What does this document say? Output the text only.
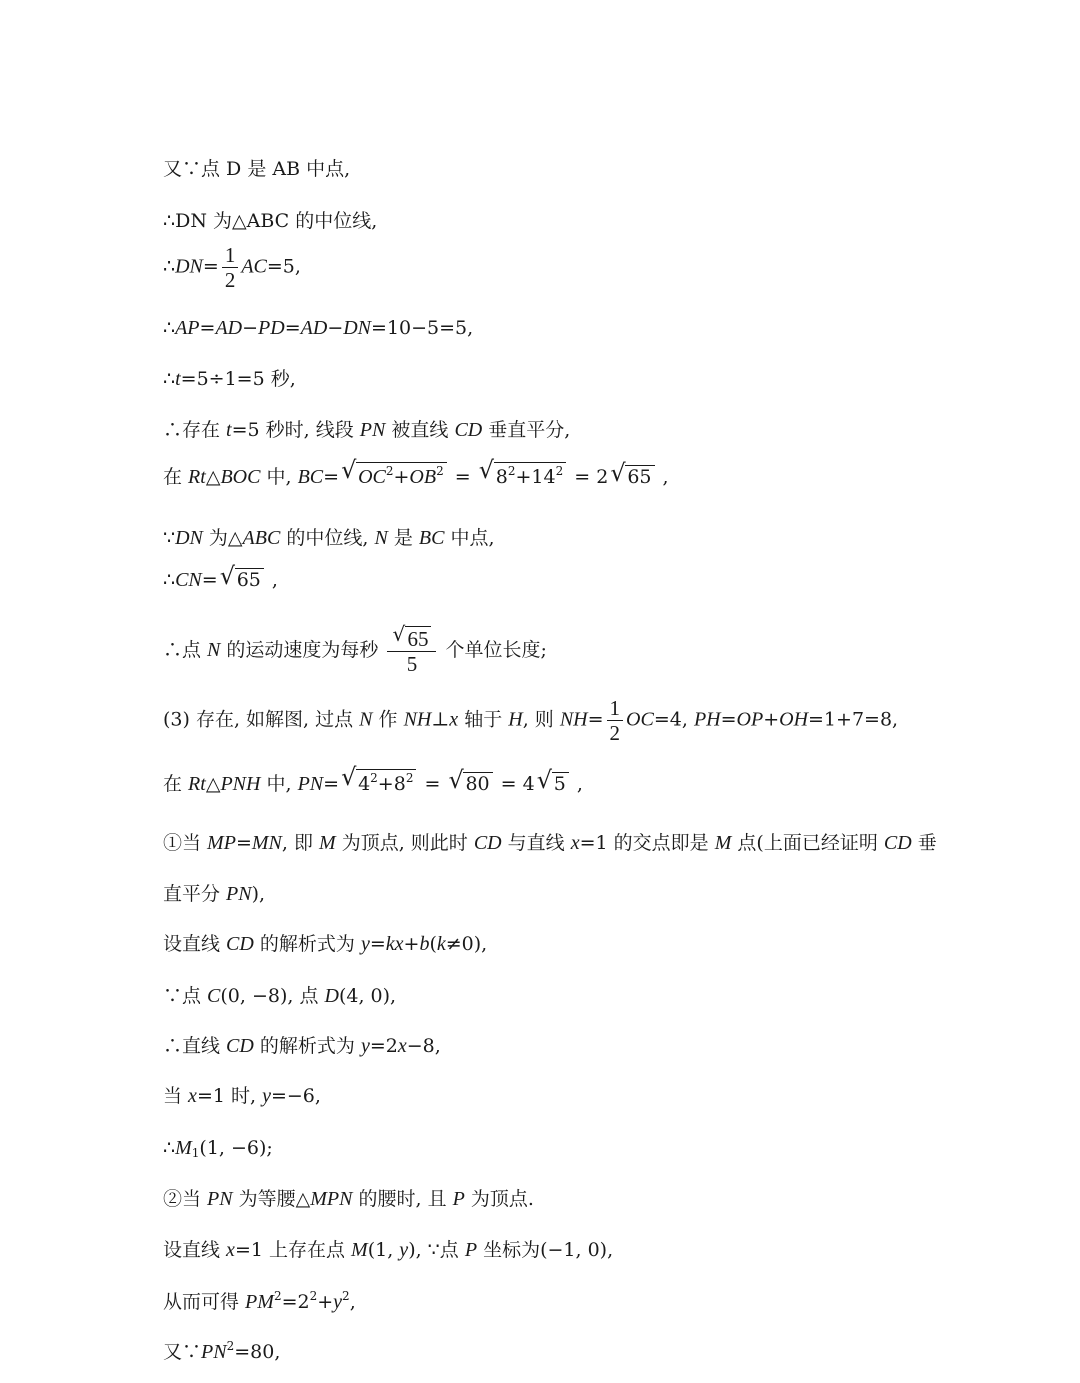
又∵点 D 是 AB 中点,
∴DN 为△ABC 的中位线,
∴DN= $\frac{1}{2} AC=5$,
∴AP=AD−PD=AD−DN=10−5=5,
∴t=5÷1=5 秒,
∴存在 t=5 秒时, 线段 PN 被直线 CD 垂直平分,
在 Rt△BOC 中, BC= √ $OC^2+OB^2$ = √ $8^2+14^2 = 2$ √ 65 ,
∵DN 为△ABC 的中位线, N 是 BC 中点,
∴CN= √ 65 ,
∴点 N 的运动速度为每秒 $\frac{√ 65}{5}$ 个单位长度;
(3) 存在, 如解图, 过点 N 作 NH⊥x 轴于 H, 则 $NH= \frac{1}{2} OC=4$, PH=OP+OH=1+7=8,
在 Rt△PNH 中, PN= √ $4^2+8^2$ = √ 80 = 4 √ 5 ,
①当 MP=MN, 即 M 为顶点, 则此时 CD 与直线 x=1 的交点即是 M 点(上面已经证明 CD 垂
直平分 PN),
设直线 CD 的解析式为 y=kx+b(k≠0),
∵点 C(0, −8), 点 D(4, 0),
∴直线 CD 的解析式为 y=2x−8,
当 x=1 时, y=−6,
$\therefore M_1(1$, −6);
②当 PN 为等腰△MPN 的腰时, 且 P 为顶点.
设直线 x=1 上存在点 M(1, y), ∵点 P 坐标为(−1, 0),
从而可得 $PM^2=2^2+y^2$,
又$\because PN^2=80$,
